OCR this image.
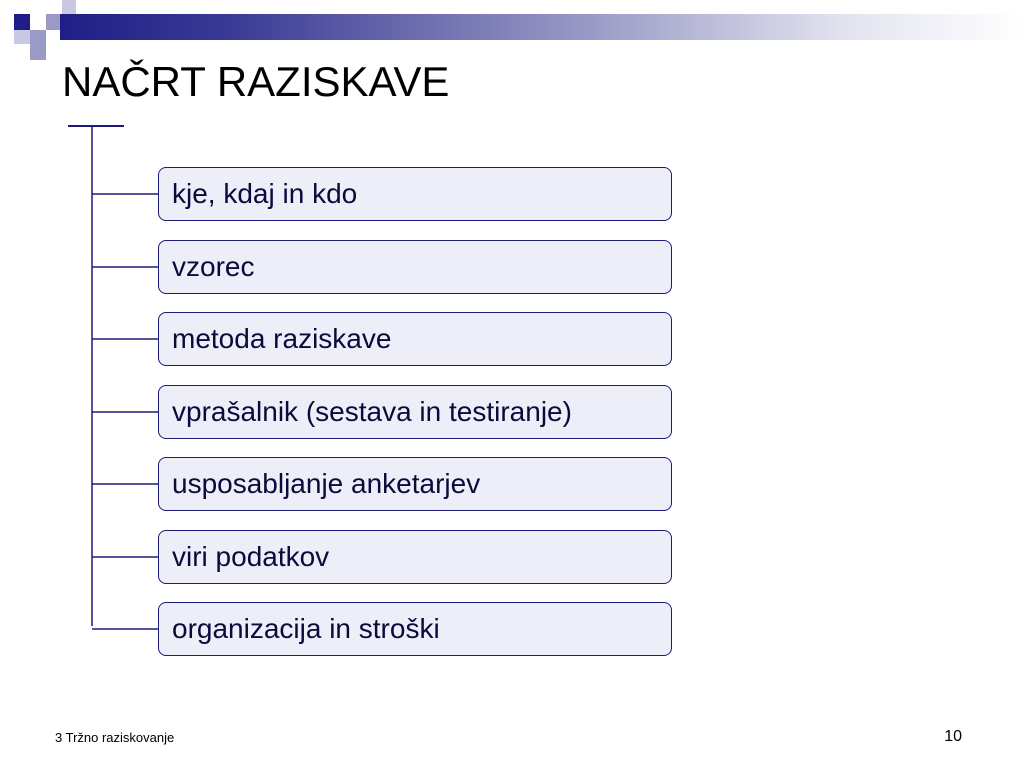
NAČRT RAZISKAVE
kje, kdaj in kdo
vzorec
metoda raziskave
vprašalnik (sestava in testiranje)
usposabljanje anketarjev
viri podatkov
organizacija in stroški
3 Tržno raziskovanje	10
